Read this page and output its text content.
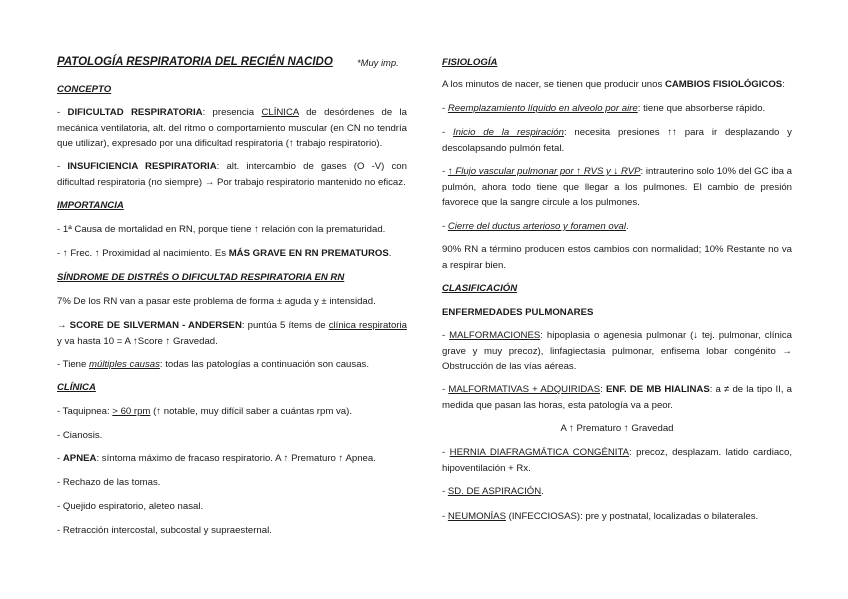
PATOLOGÍA RESPIRATORIA DEL RECIÉN NACIDO	*Muy imp.
CONCEPTO
- DIFICULTAD RESPIRATORIA: presencia CLÍNICA de desórdenes de la mecánica ventilatoria, alt. del ritmo o comportamiento muscular (en CN no tendría que utilizar), expresado por una dificultad respiratoria (↑ trabajo respiratorio).
- INSUFICIENCIA RESPIRATORIA: alt. intercambio de gases (O -V) con dificultad respiratoria (no siempre) → Por trabajo respiratorio mantenido no eficaz.
IMPORTANCIA
- 1ª Causa de mortalidad en RN, porque tiene ↑ relación con la prematuridad.
- ↑ Frec. ↑ Proximidad al nacimiento. Es MÁS GRAVE EN RN PREMATUROS.
SÍNDROME DE DISTRÉS O DIFICULTAD RESPIRATORIA EN RN
7% De los RN van a pasar este problema de forma ± aguda y ± intensidad.
→ SCORE DE SILVERMAN - ANDERSEN: puntúa 5 ítems de clínica respiratoria y va hasta 10 = A ↑Score ↑ Gravedad.
- Tiene múltiples causas: todas las patologías a continuación son causas.
CLÍNICA
- Taquipnea: > 60 rpm (↑ notable, muy difícil saber a cuántas rpm va).
- Cianosis.
- APNEA: síntoma máximo de fracaso respiratorio. A ↑ Prematuro ↑ Apnea.
- Rechazo de las tomas.
- Quejido espiratorio, aleteo nasal.
- Retracción intercostal, subcostal y supraesternal.
FISIOLOGÍA
A los minutos de nacer, se tienen que producir unos CAMBIOS FISIOLÓGICOS:
- Reemplazamiento líquido en alveolo por aire: tiene que absorberse rápido.
- Inicio de la respiración: necesita presiones ↑↑ para ir desplazando y descolapsando pulmón fetal.
- ↑ Flujo vascular pulmonar por ↑ RVS y ↓ RVP: intrauterino solo 10% del GC iba a pulmón, ahora todo tiene que llegar a los pulmones. El cambio de presión favorece que la sangre circule a los pulmones.
- Cierre del ductus arterioso y foramen oval.
90% RN a término producen estos cambios con normalidad; 10% Restante no va a respirar bien.
CLASIFICACIÓN
ENFERMEDADES PULMONARES
- MALFORMACIONES: hipoplasia o agenesia pulmonar (↓ tej. pulmonar, clínica grave y muy precoz), linfagiectasia pulmonar, enfisema lobar congénito → Obstrucción de las vías aéreas.
- MALFORMATIVAS + ADQUIRIDAS: ENF. DE MB HIALINAS: a ≠ de la tipo II, a medida que pasan las horas, esta patología va a peor.
A ↑ Prematuro ↑ Gravedad
- HERNIA DIAFRAGMÁTICA CONGÉNITA: precoz, desplazam. latido cardiaco, hipoventilación + Rx.
- SD. DE ASPIRACIÓN.
- NEUMONÍAS (INFECCIOSAS): pre y postnatal, localizadas o bilaterales.
